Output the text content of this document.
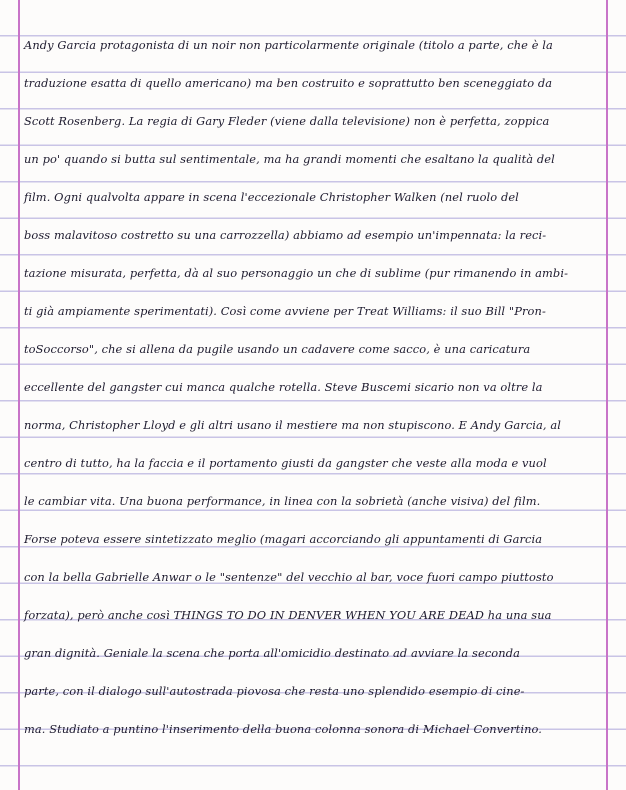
Andy Garcia protagonista di un noir non particolarmente originale (titolo a parte, che è la
traduzione esatta di quello americano) ma ben costruito e soprattutto ben sceneggiato da
Scott Rosenberg. La regia di Gary Fleder (viene dalla televisione) non è perfetta, zoppica
un po' quando si butta sul sentimentale, ma ha grandi momenti che esaltano la qualità del
film. Ogni qualvolta appare in scena l'eccezionale Christopher Walken (nel ruolo del
boss malavitoso costretto su una carrozzella) abbiamo ad esempio un'impennata: la reci-
tazione misurata, perfetta, dà al suo personaggio un che di sublime (pur rimanendo in ambi-
ti già ampiamente sperimentati). Così come avviene per Treat Williams: il suo Bill "Pron-
toSoccorso", che si allena da pugile usando un cadavere come sacco, è una caricatura
eccellente del gangster cui manca qualche rotella. Steve Buscemi sicario non va oltre la
norma, Christopher Lloyd e gli altri usano il mestiere ma non stupiscono. E Andy Garcia, al
centro di tutto, ha la faccia e il portamento giusti da gangster che veste alla moda e vuol
le cambiar vita. Una buona performance, in linea con la sobrietà (anche visiva) del film.
Forse poteva essere sintetizzato meglio (magari accorciando gli appuntamenti di Garcia
con la bella Gabrielle Anwar o le "sentenze" del vecchio al bar, voce fuori campo piuttosto
forzata), però anche così THINGS TO DO IN DENVER WHEN YOU ARE DEAD ha una sua
gran dignità. Geniale la scena che porta all'omicidio destinato ad avviare la seconda
parte, con il dialogo sull'autostrada piovosa che resta uno splendido esempio di cine-
ma. Studiato a puntino l'inserimento della buona colonna sonora di Michael Convertino.
